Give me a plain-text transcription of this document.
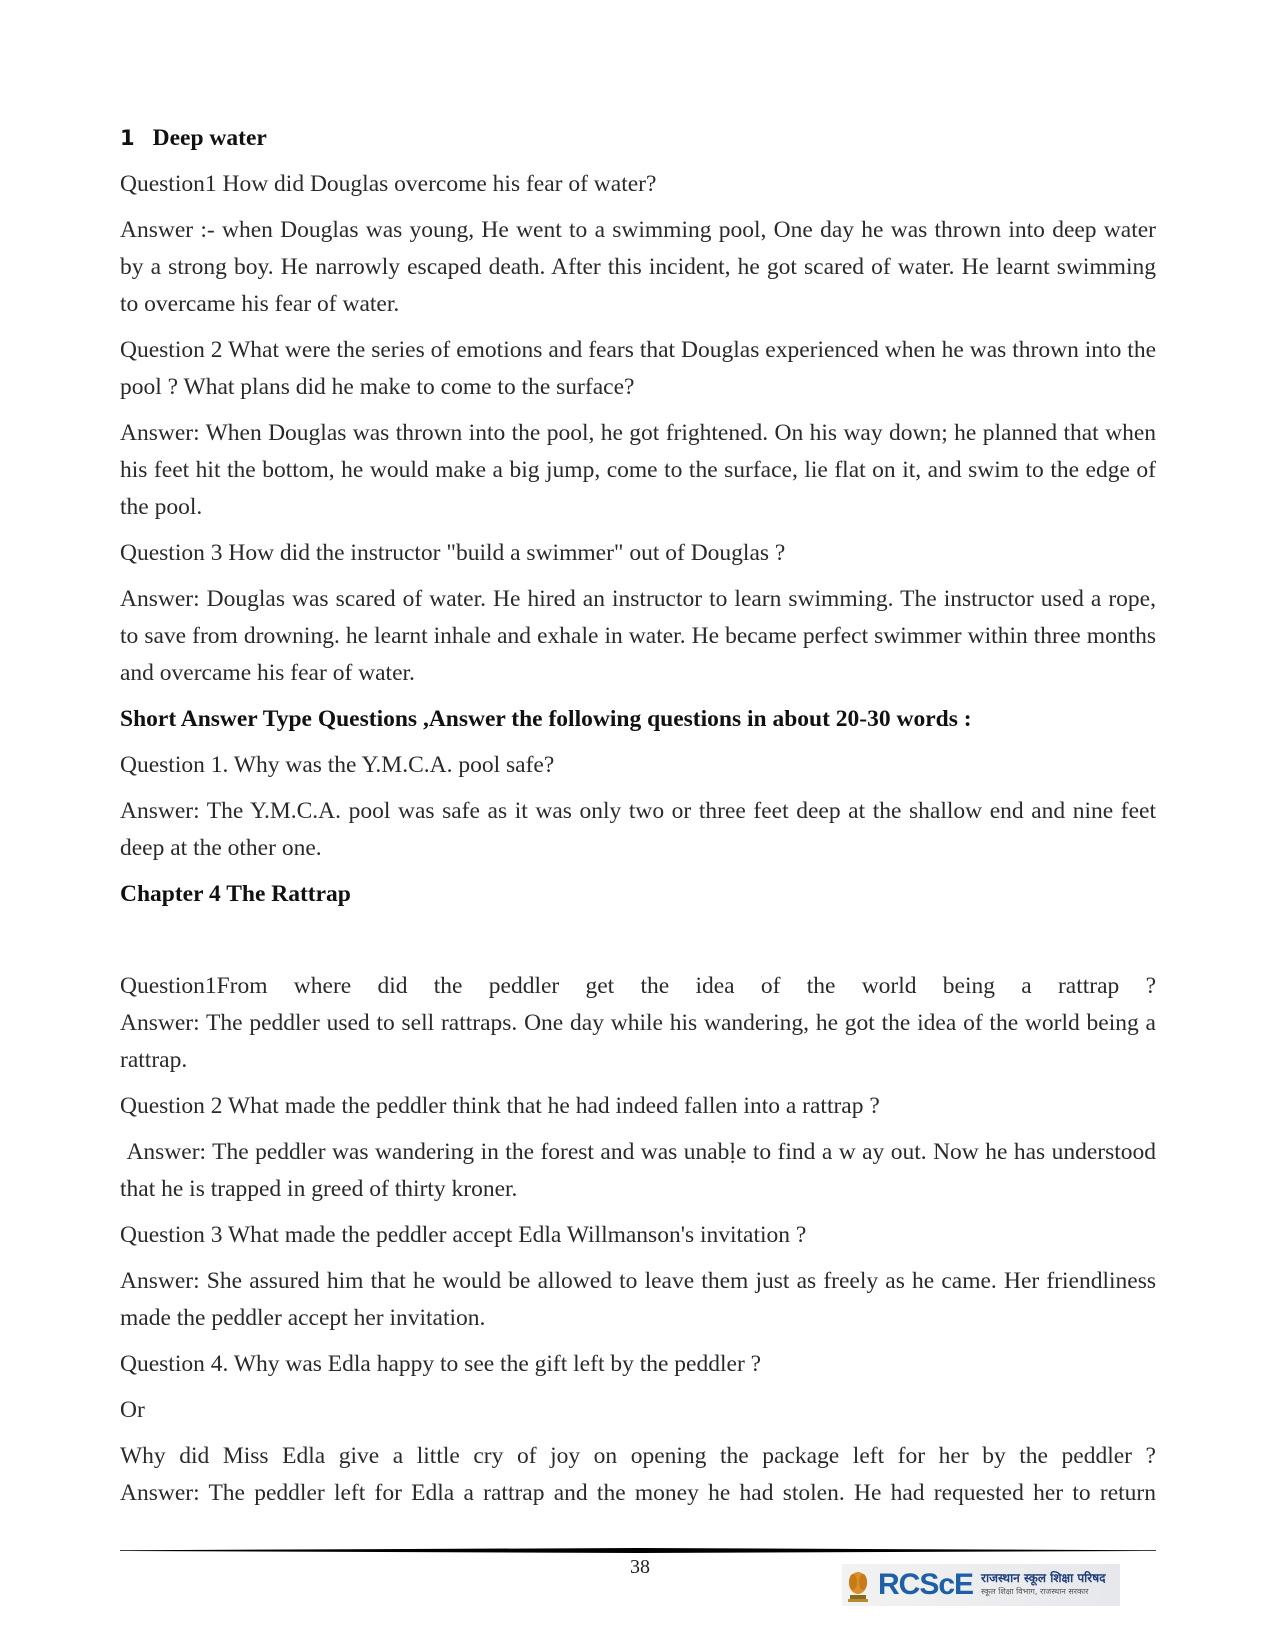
1 Deep water

Question1 How did Douglas overcome his fear of water?

Answer :- when Douglas was young, He went to a swimming pool, One day he was thrown into deep water by a strong boy. He narrowly escaped death. After this incident, he got scared of water. He learnt swimming to overcame his fear of water.

Question 2 What were the series of emotions and fears that Douglas experienced when he was thrown into the pool ? What plans did he make to come to the surface?

Answer: When Douglas was thrown into the pool, he got frightened. On his way down; he planned that when his feet hit the bottom, he would make a big jump, come to the surface, lie flat on it, and swim to the edge of the pool.

Question 3 How did the instructor "build a swimmer" out of Douglas ?

Answer: Douglas was scared of water. He hired an instructor to learn swimming. The instructor used a rope, to save from drowning. he learnt inhale and exhale in water. He became perfect swimmer within three months and overcame his fear of water.

Short Answer Type Questions ,Answer the following questions in about 20-30 words :

Question 1. Why was the Y.M.C.A. pool safe?

Answer: The Y.M.C.A. pool was safe as it was only two or three feet deep at the shallow end and nine feet deep at the other one.

Chapter 4 The Rattrap

Question1From where did the peddler get the idea of the world being a rattrap ?

Answer: The peddler used to sell rattraps. One day while his wandering, he got the idea of the world being a rattrap.

Question 2 What made the peddler think that he had indeed fallen into a rattrap ?

Answer: The peddler was wandering in the forest and was unabḷe to find a w ay out. Now he has understood that he is trapped in greed of thirty kroner.

Question 3 What made the peddler accept Edla Willmanson's invitation ?

Answer: She assured him that he would be allowed to leave them just as freely as he came. Her friendliness made the peddler accept her invitation.

Question 4. Why was Edla happy to see the gift left by the peddler ?

Or

Why did Miss Edla give a little cry of joy on opening the package left for her by the peddler ?

Answer: The peddler left for Edla a rattrap and the money he had stolen. He had requested her to return

38
RCScE राजस्थान स्कूल शिक्षा परिषद
स्कूल शिक्षा विभाग, राजस्थान सरकार
